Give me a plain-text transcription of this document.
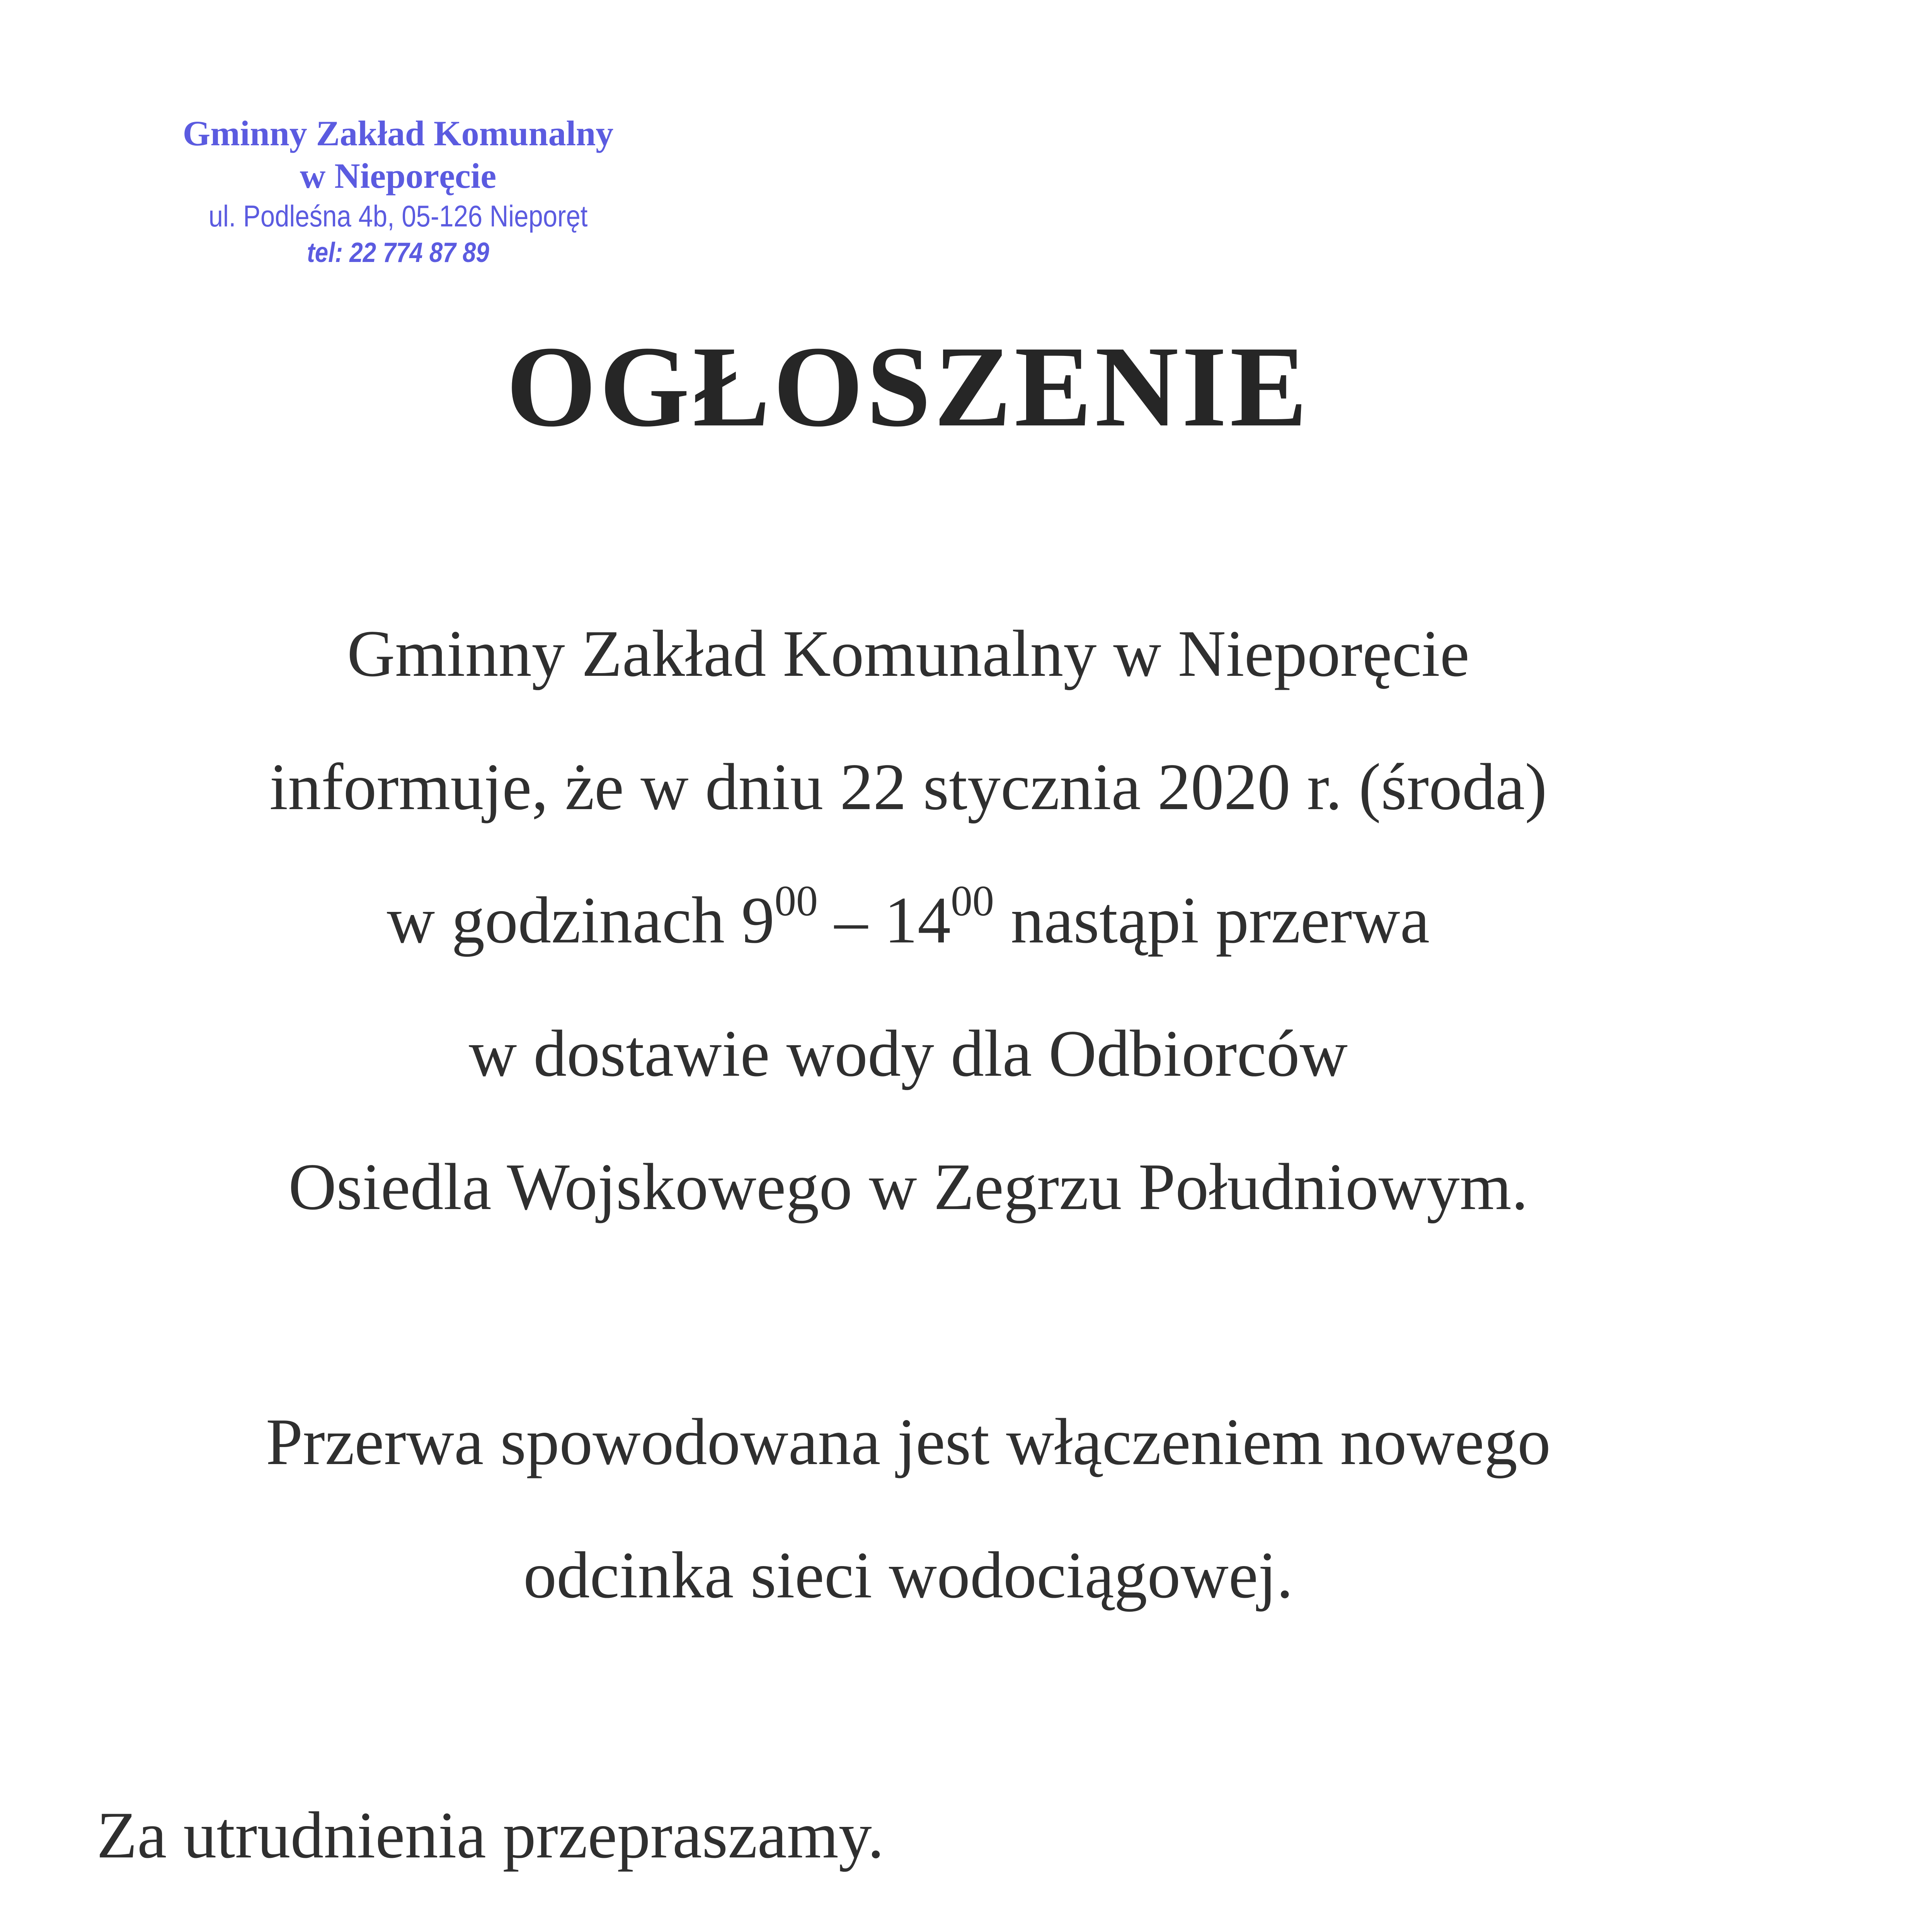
Gminny Zakład Komunalny
w Nieporęcie
ul. Podleśna 4b, 05-126 Nieporęt
tel: 22 774 87 89
OGŁOSZENIE
Gminny Zakład Komunalny w Nieporęcie
informuje, że w dniu 22 stycznia 2020 r. (środa)
w godzinach $9^{00} - 14^{00}$ nastąpi przerwa
w dostawie wody dla Odbiorców
Osiedla Wojskowego w Zegrzu Południowym.
Przerwa spowodowana jest włączeniem nowego
odcinka sieci wodociągowej.
Za utrudnienia przepraszamy.
